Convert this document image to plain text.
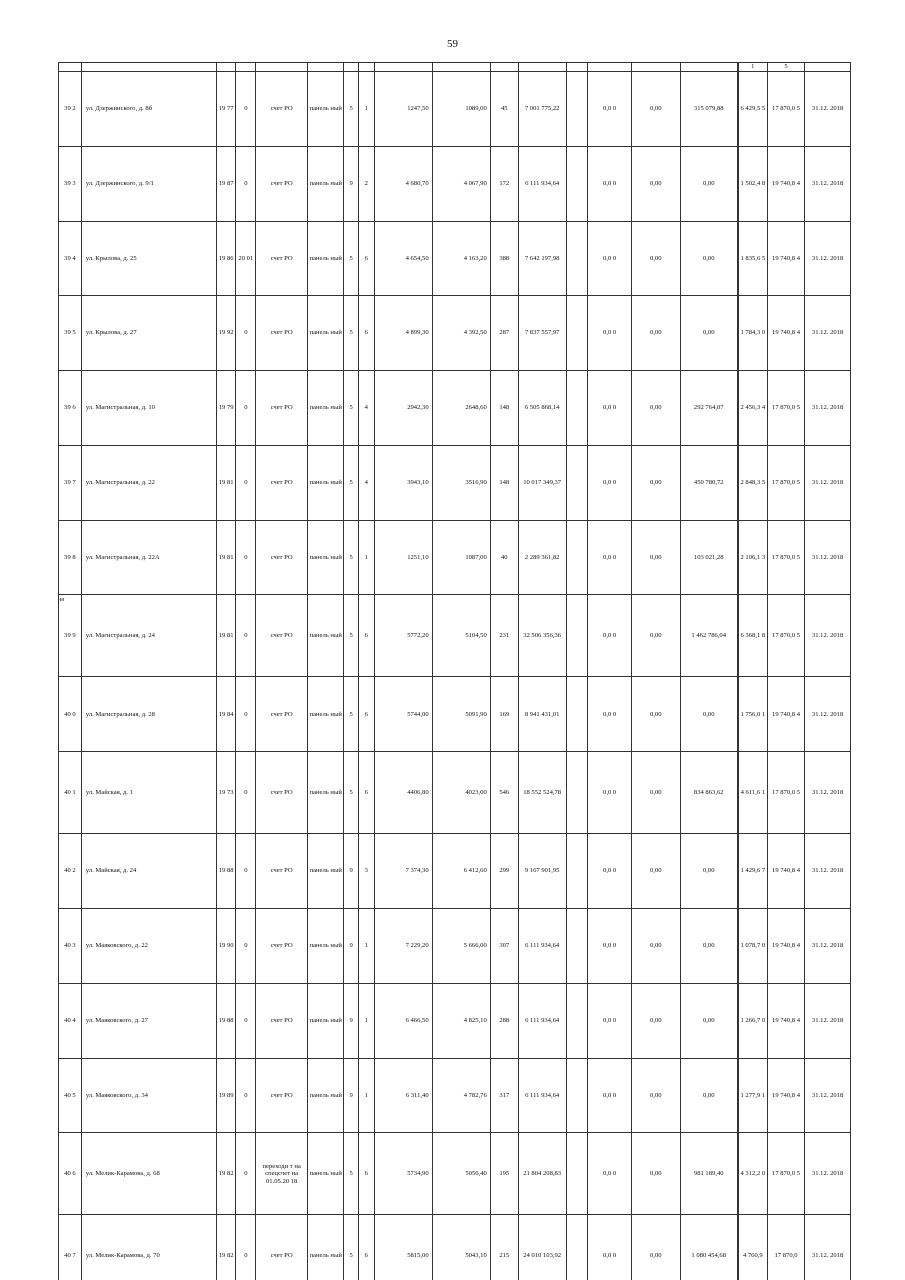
59
																	1	5	
39 2	ул. Дзержинского, д. 8б	19 77	0	счет РО	панель ный	5	1	1247,50	1089,00	45	7 001 775,22		0,0 0	0,00	315 079,88		6 429,5 5	17 870,0 5	31.12. 2018
39 3	ул. Дзержинского, д. 9/1	19 87	0	счет РО	панель ный	9	2	4 680,70	4 067,90	172	6 111 934,64		0,0 0	0,00	0,00		1 502,4 8	19 740,8 4	31.12. 2018
39 4	ул. Крылова, д. 25	19 86	20 01	счет РО	панель ный	5	6	4 654,50	4 163,20	388	7 642 197,98		0,0 0	0,00	0,00		1 835,6 5	19 740,8 4	31.12. 2018
39 5	ул. Крылова, д. 27	19 92	0	счет РО	панель ный	5	6	4 899,30	4 392,50	287	7 837 557,97		0,0 0	0,00	0,00		1 784,3 0	19 740,8 4	31.12. 2018
39 6	ул. Магистральная, д. 10	19 79	0	счет РО	панель ный	5	4	2942,30	2648,60	148	6 505 868,14		0,0 0	0,00	292 764,07		2 456,3 4	17 870,0 5	31.12. 2018
39 7	ул. Магистральная, д. 22	19 81	0	счет РО	панель ный	5	4	3943,10	3516,90	148	10 017 349,37		0,0 0	0,00	450 780,72		2 848,3 5	17 870,0 5	31.12. 2018
39 8	ул. Магистральная, д. 22А	19 81	0	счет РО	панель ный	5	1	1251,10	1087,00	40	2 289 361,82		0,0 0	0,00	103 021,28		2 106,1 3	17 870,0 5	31.12. 2018
39 9	ул. Магистральная, д. 24	19 81	0	счет РО	панель ный	5	6	5772,20	5104,50	231	32 506 356,36		0,0 0	0,00	1 462 786,04		6 368,1 8	17 870,0 5	31.12. 2018
40 0	ул. Магистральная, д. 28	19 84	0	счет РО	панель ный	5	6	5744,00	5091,90	169	8 941 431,01		0,0 0	0,00	0,00		1 756,0 1	19 740,8 4	31.12. 2018
40 1	ул. Майская, д. 1	19 73	0	счет РО	панель ный	5	6	4406,80	4023,00	546	18 552 524,78		0,0 0	0,00	834 863,62		4 611,6 1	17 870,0 5	31.12. 2018
40 2	ул. Майская, д. 24	19 88	0	счет РО	панель ный	9	3	7 374,30	6 412,60	299	9 167 901,95		0,0 0	0,00	0,00		1 429,6 7	19 740,8 4	31.12. 2018
40 3	ул. Маяковского, д. 22	19 90	0	счет РО	панель ный	9	1	7 229,20	5 666,00	307	6 111 934,64		0,0 0	0,00	0,00		1 078,7 0	19 740,8 4	31.12. 2018
40 4	ул. Маяковского, д. 27	19 88	0	счет РО	панель ный	9	1	6 466,50	4 825,10	288	6 111 934,64		0,0 0	0,00	0,00		1 266,7 0	19 740,8 4	31.12. 2018
40 5	ул. Маяковского, д. 34	19 89	0	счет РО	панель ный	9	1	6 311,40	4 782,76	317	6 111 934,64		0,0 0	0,00	0,00		1 277,9 1	19 740,8 4	31.12. 2018
40 6	ул. Мелик-Карамова, д. 68	19 82	0	переходи т на спецсчет на 01.05.20 18	панель ный	5	6	5734,90	5056,40	195	21 804 208,83		0,0 0	0,00	981 189,40		4 312,2 0	17 870,0 5	31.12. 2018
40 7	ул. Мелик-Карамова, д. 70	19 82	0	счет РО	панель ный	5	6	5815,00	5043,10	215	24 010 103,92		0,0 0	0,00	1 080 454,68		4 760,9	17 870,0	31.12. 2018
нн
